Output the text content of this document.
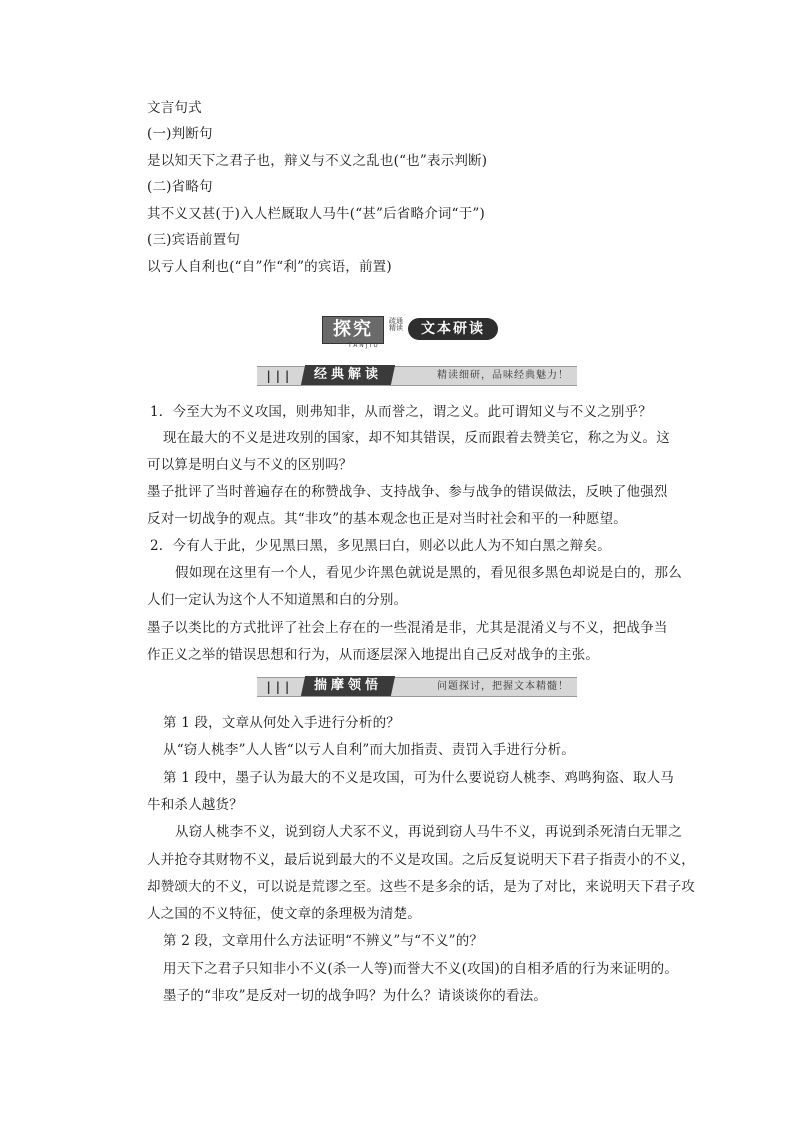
文言句式
(一)判断句
是以知天下之君子也，辩义与不义之乱也(“也”表示判断)
(二)省略句
其不义又甚(于)入人栏厩取人马牛(“甚”后省略介词“于”)
(三)宾语前置句
以亏人自利也(“自”作“利”的宾语，前置)
探究	疏通 精读	文本研读
TANJIU
|||	经典解读	精读细研，品味经典魅力！
1．今至大为不义攻国，则弗知非，从而誉之，谓之义。此可谓知义与不义之别乎？
现在最大的不义是进攻别的国家，却不知其错误，反而跟着去赞美它，称之为义。这
可以算是明白义与不义的区别吗？
墨子批评了当时普遍存在的称赞战争、支持战争、参与战争的错误做法，反映了他强烈
反对一切战争的观点。其“非攻”的基本观念也正是对当时社会和平的一种愿望。
2．今有人于此，少见黑曰黑，多见黑曰白，则必以此人为不知白黑之辩矣。
假如现在这里有一个人，看见少许黑色就说是黑的，看见很多黑色却说是白的，那么
人们一定认为这个人不知道黑和白的分别。
墨子以类比的方式批评了社会上存在的一些混淆是非，尤其是混淆义与不义，把战争当
作正义之举的错误思想和行为，从而逐层深入地提出自己反对战争的主张。
|||	揣摩领悟	问题探讨，把握文本精髓！
第 1 段，文章从何处入手进行分析的？
从“窃人桃李”人人皆“以亏人自利”而大加指责、责罚入手进行分析。
第 1 段中，墨子认为最大的不义是攻国，可为什么要说窃人桃李、鸡鸣狗盗、取人马
牛和杀人越货？
从窃人桃李不义，说到窃人犬豕不义，再说到窃人马牛不义，再说到杀死清白无罪之
人并抢夺其财物不义，最后说到最大的不义是攻国。之后反复说明天下君子指责小的不义，
却赞颂大的不义，可以说是荒谬之至。这些不是多余的话，是为了对比，来说明天下君子攻
人之国的不义特征，使文章的条理极为清楚。
第 2 段，文章用什么方法证明“不辨义”与“不义”的？
用天下之君子只知非小不义(杀一人等)而誉大不义(攻国)的自相矛盾的行为来证明的。
墨子的“非攻”是反对一切的战争吗？为什么？请谈谈你的看法。
